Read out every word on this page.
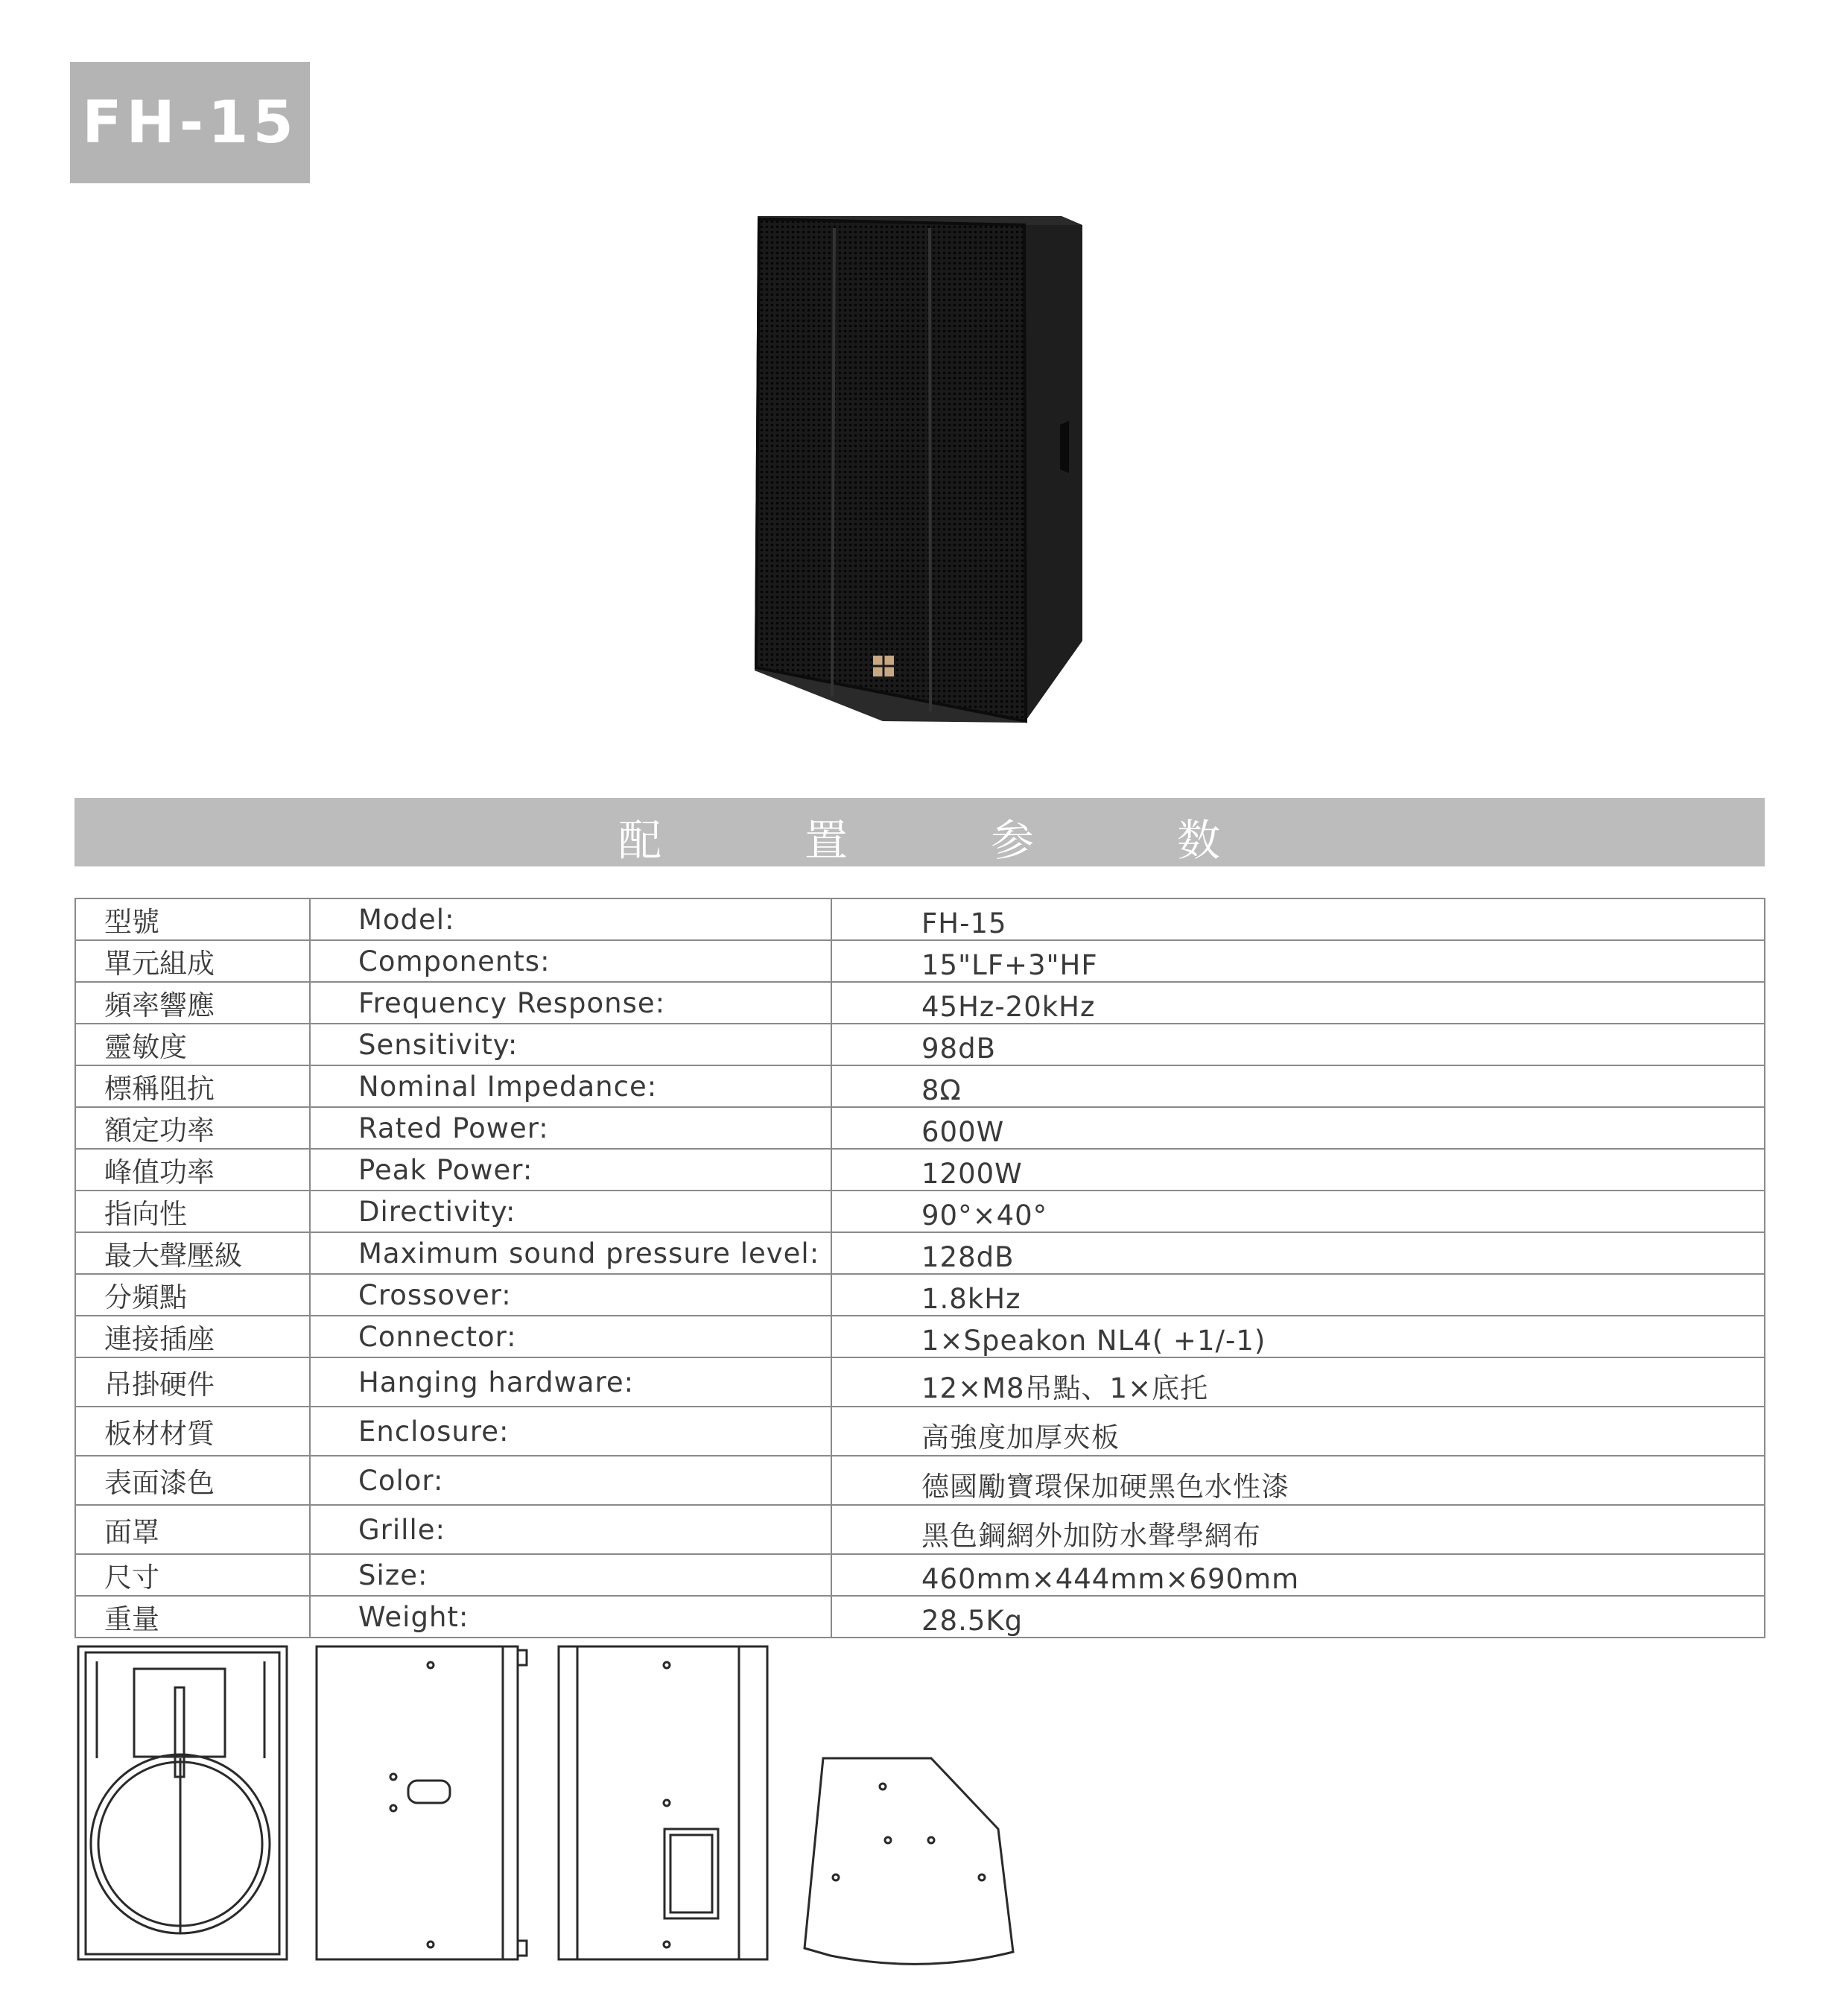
FH-15
配	置	参	数
型號	Model:	FH-15
單元組成	Components:	15"LF+3"HF
頻率響應	Frequency Response:	45Hz-20kHz
靈敏度	Sensitivity:	98dB
標稱阻抗	Nominal Impedance:	8Ω
額定功率	Rated Power:	600W
峰值功率	Peak Power:	1200W
指向性	Directivity:	90°×40°
最大聲壓級	Maximum sound pressure level:	128dB
分頻點	Crossover:	1.8kHz
連接插座	Connector:	1×Speakon NL4( +1/-1)
吊掛硬件	Hanging hardware:	12×M8吊點、1×底托
板材材質	Enclosure:	高強度加厚夾板
表面漆色	Color:	德國勵寶環保加硬黑色水性漆
面罩	Grille:	黑色鋼網外加防水聲學網布
尺寸	Size:	460mm×444mm×690mm
重量	Weight:	28.5Kg
